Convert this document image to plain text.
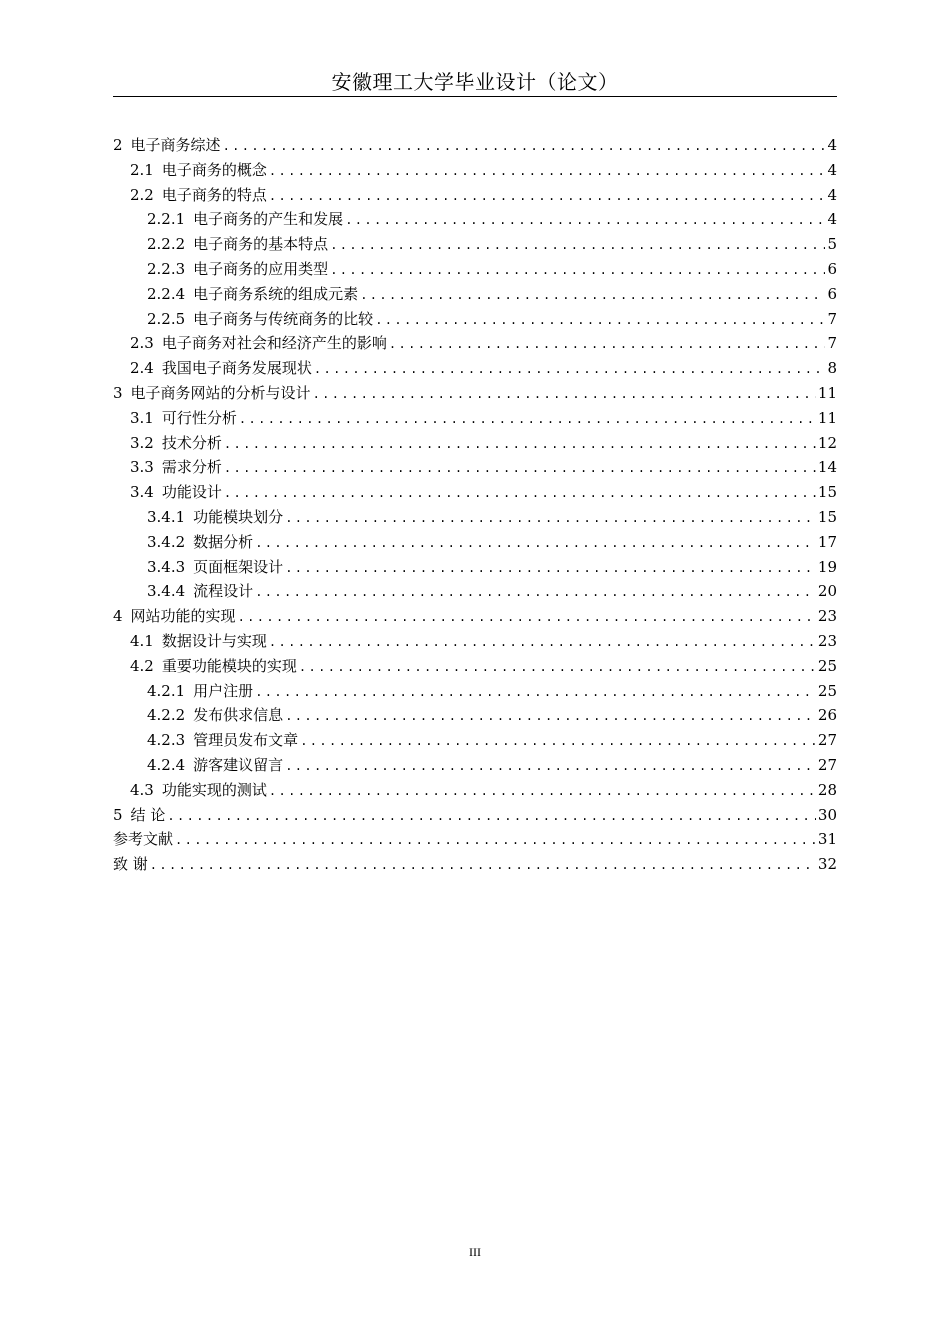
安徽理工大学毕业设计（论文）
2 电子商务综述 .....	4
2.1 电子商务的概念 .....	4
2.2 电子商务的特点 .....	4
2.2.1 电子商务的产生和发展 .....	4
2.2.2 电子商务的基本特点 .....	5
2.2.3 电子商务的应用类型 .....	6
2.2.4 电子商务系统的组成元素 .....	6
2.2.5 电子商务与传统商务的比较 .....	7
2.3 电子商务对社会和经济产生的影响 .....	7
2.4 我国电子商务发展现状 .....	8
3 电子商务网站的分析与设计 .....	11
3.1 可行性分析 .....	11
3.2 技术分析 .....	12
3.3 需求分析 .....	14
3.4 功能设计 .....	15
3.4.1 功能模块划分 .....	15
3.4.2 数据分析 .....	17
3.4.3 页面框架设计 .....	19
3.4.4 流程设计 .....	20
4 网站功能的实现 .....	23
4.1 数据设计与实现 .....	23
4.2 重要功能模块的实现 .....	25
4.2.1 用户注册 .....	25
4.2.2 发布供求信息 .....	26
4.2.3 管理员发布文章 .....	27
4.2.4 游客建议留言 .....	27
4.3 功能实现的测试 .....	28
5 结 论 .....	30
参考文献 .....	31
致 谢 .....	32
III
